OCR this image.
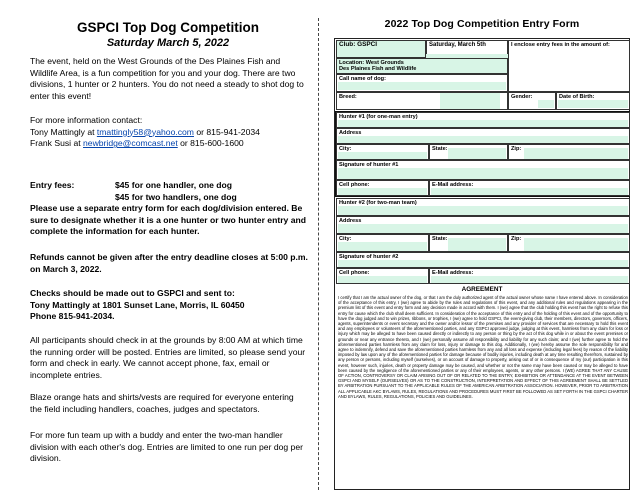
GSPCI Top Dog Competition
Saturday March 5, 2022
The event, held on the West Grounds of the Des Plaines Fish and Wildlife Area, is a fun competition for you and your dog. There are two divisions, 1 hunter or 2 hunters. You do not need a steady to shot dog to enter this event!
For more information contact:
Tony Mattingly at tmattingly58@yahoo.com or 815-941-2034
Frank Susi at newbridge@comcast.net or 815-600-1600
Entry fees:	$45 for one handler, one dog
$45 for two handlers, one dog
Please use a separate entry form for each dog/division entered. Be sure to designate whether it is a one hunter or two hunter entry and complete the information for each hunter.
Refunds cannot be given after the entry deadline closes at 5:00 p.m. on March 3, 2022.
Checks should be made out to GSPCI and sent to:
Tony Mattingly at 1801 Sunset Lane, Morris, IL 60450
Phone 815-941-2034.
All participants should check in at the grounds by 8:00 AM at which time the running order will be posted. Entries are limited, so please send your form and check in early. We cannot accept phone, fax, email or incomplete entries.
Blaze orange hats and shirts/vests are required for everyone entering the field including handlers, coaches, judges and spectators.
For more fun team up with a buddy and enter the two-man handler division with each other's dog. Entries are limited to one run per dog per division.
2022 Top Dog Competition Entry Form
Club: GSPCI	Saturday, March 5th	I enclose entry fees in the amount of:
Location: West Grounds
Des Plaines Fish and Wildlife
Call name of dog:
Breed:	Gender:	Date of Birth:
Hunter #1 (for one-man entry)
Address
City:	State:	Zip:
Signature of hunter #1
Cell phone:	E-Mail address:
Hunter #2 (for two-man team)
Address
City:	State:	Zip:
Signature of hunter #2
Cell phone:	E-Mail address:
AGREEMENT
I certify that I am the actual owner of the dog, or that I am the duly authorized agent of the actual owner whose name I have entered above. In consideration of the acceptance of this entry, I (we) agree to abide by the rules and regulations of this event, and any additional rules and regulations appearing in the premium list of this event and entry form and any decision made in accord with them. I (we) agree that the club holding this event has the right to refuse this entry for cause which the club shall deem sufficient. In consideration of the acceptance of this entry and of the holding of this event and of the opportunity to have the dog judged and to win prizes, ribbons, or trophies, I (we) agree to hold GSPCI, the event-giving club, their members, directors, governors, officers, agents, superintendents or event secretary and the owner and/or lessor of the premises and any provider of services that are necessary to hold this event and any employees or volunteers of the aforementioned parties, and any GSPCI approved judge, judging at this event, harmless from any claim for loss or injury which may be alleged to have been caused directly or indirectly to any person or thing by the act of this dog while in or about the event premises or grounds or near any entrance thereto, and I (we) personally assume all responsibility and liability for any such claim; and I (we) further agree to hold the aforementioned parties harmless from any claim for loss, injury or damage to this dog. Additionally, I (we) hereby assume the sole responsibility for and agree to indemnify, defend and save the aforementioned parties harmless from any and all loss and expense (including legal fees) by reason of the liability imposed by law upon any of the aforementioned parties for damage because of bodily injuries, including death at any time resulting therefrom, sustained by any person or persons, including myself (ourselves), or on account of damage to property, arising out of or in consequence of my (our) participation in this event, however such, injuries, death or property damage may be caused, and whether or not the same may have been caused or may be alleged to have been caused by the negligence of the aforementioned parties or any of their employees, agents, or any other persons. I (WE) AGREE THAT ANY CAUSE OF ACTION, CONTROVERSY OR CLAIM ARISING OUT OF OR RELATED TO THE ENTRY, EXHIBITION OR ATTENDANCE AT THE EVENT BETWEEN GSPCI AND MYSELF (OURSELVES) OR AS TO THE CONSTRUCTION, INTERPRETATION AND EFFECT OF THIS AGREEMENT SHALL BE SETTLED BY ARBITRATION PURSUANT TO THE APPLICABLE RULES OF THE AMERICAN ARBITRATION ASSOCIATION. HOWEVER, PRIOR TO ARBITRATION ALL APPLICABLE AKC BYLAWS, RULES, REGULATIONS AND PROCEDURES MUST FIRST BE FOLLOWED AS SET FORTH IN THE GSPCI CHARTER AND BYLAWS, RULES, REGULATIONS, POLICIES AND GUIDELINES.
